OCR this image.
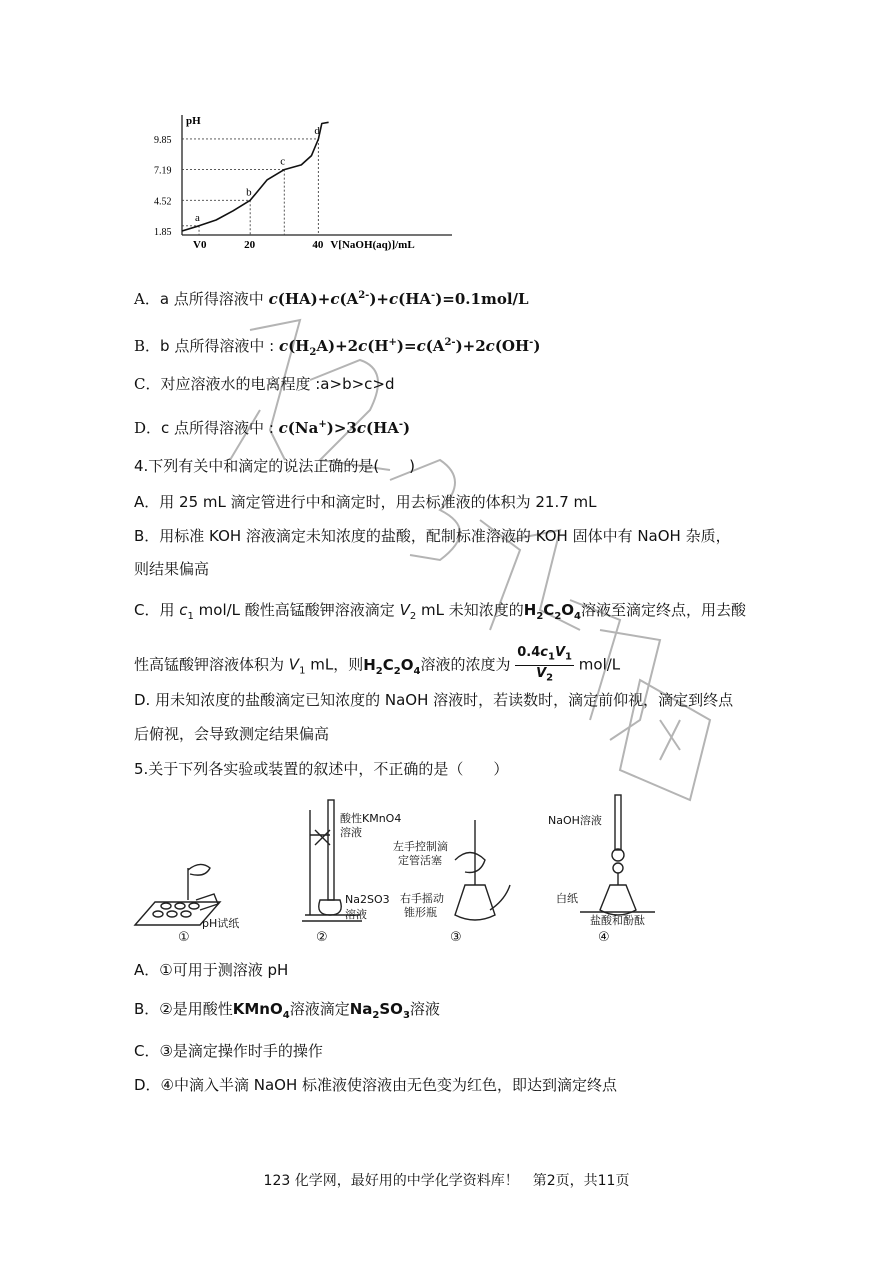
pH
9.85
7.19
4.52
1.85
a
b
c
d
V0	20	40 V[NaOH(aq)]/mL
A．a 点所得溶液中 $c(HA)+c(A^{2-})+c(HA^-)=0.1mol/L$
B．b 点所得溶液中 : $c(H_2A)+2c(H^+)=c(A^{2-})+2c(OH^-)$
C．对应溶液水的电离程度 :a>b>c>d
D．c 点所得溶液中 : c(Na+)>3c(HA-)
4.下列有关中和滴定的说法正确的是(　　)
A．用 25 mL 滴定管进行中和滴定时，用去标准液的体积为 21.7 mL
B．用标准 KOH 溶液滴定未知浓度的盐酸，配制标准溶液的 KOH 固体中有 NaOH 杂质，
则结果偏高
C．用 $c_1$ mol/L 酸性高锰酸钾溶液滴定 $V_2$ mL 未知浓度的$H_2C_2O_4$溶液至滴定终点，用去酸
性高锰酸钾溶液体积为 $V_1$ mL，则$H_2C_2O_4$溶液的浓度为 $\frac{0.4c_1V_1}{V_2} mol/L$
D. 用未知浓度的盐酸滴定已知浓度的 NaOH 溶液时，若读数时，滴定前仰视，滴定到终点
后俯视，会导致测定结果偏高
5.关于下列各实验或装置的叙述中，不正确的是（　　）
pH试纸
酸性KMnO4
溶液
Na2SO3
溶液
左手控制滴
定管活塞
右手摇动
锥形瓶
NaOH溶液
白纸
盐酸和酚酞
①	②	③	④
A．①可用于测溶液 pH
B．②是用酸性KMnO$_4$溶液滴定$Na_2SO_3$溶液
C．③是滴定操作时手的操作
D．④中滴入半滴 NaOH 标准液使溶液由无色变为红色，即达到滴定终点
123 化学网，最好用的中学化学资料库！　第2页，共11页
